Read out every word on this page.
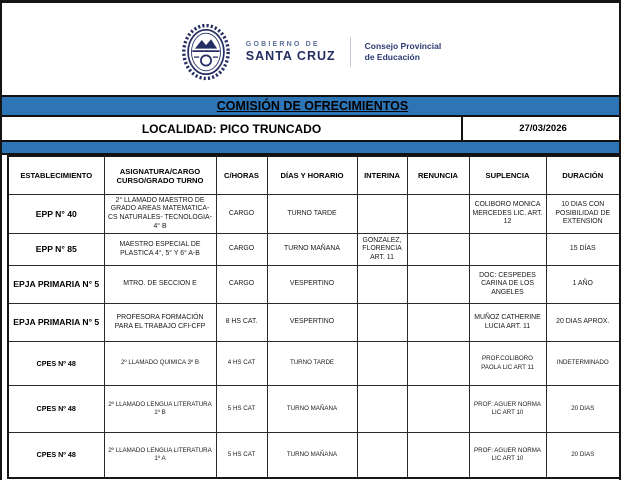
GOBIERNO DE
SANTA CRUZ
Consejo Provincial
de Educación
COMISIÓN DE OFRECIMIENTOS
LOCALIDAD: PICO TRUNCADO	27/03/2026
ESTABLECIMIENTO	ASIGNATURA/CARGO CURSO/GRADO TURNO	C/HORAS	DÍAS Y HORARIO	INTERINA	RENUNCIA	SUPLENCIA	DURACIÓN
EPP N° 40	2° LLAMADO MAESTRO DE GRADO AREAS MATEMATICA-CS NATURALES- TECNOLOGIA-4° B	CARGO	TURNO TARDE			COLIBORO MONICA MERCEDES LIC. ART. 12	10 DIAS CON POSIBILIDAD DE EXTENSION
EPP N° 85	MAESTRO ESPECIAL DE PLASTICA 4°, 5° Y 6° A-B	CARGO	TURNO MAÑANA	GONZALEZ, FLORENCIA ART. 11			15 DÍAS
EPJA PRIMARIA N° 5	MTRO. DE SECCION E	CARGO	VESPERTINO			DOC: CESPEDES CARINA DE LOS ANGELES	1 AÑO
EPJA PRIMARIA N° 5	PROFESORA FORMACIÓN PARA EL TRABAJO CFI-CFP	8 HS CAT.	VESPERTINO			MUÑOZ CATHERINE LUCIA ART. 11	20 DIAS APROX.
CPES Nº 48	2º LLAMADO QUIMICA 3º B	4 HS CAT	TURNO TARDE			PROF.COLIBORO PAOLA LIC ART 11	INDETERMINADO
CPES Nº 48	2º LLAMADO LENGUA LITERATURA 1º B	5 HS CAT	TURNO MAÑANA			PROF: AGUER NORMA LIC ART 10	20 DIAS
CPES Nº 48	2º LLAMADO LENGUA LITERATURA 1º A	5 HS CAT	TURNO MAÑANA			PROF: AGUER NORMA LIC ART 10	20 DIAS
